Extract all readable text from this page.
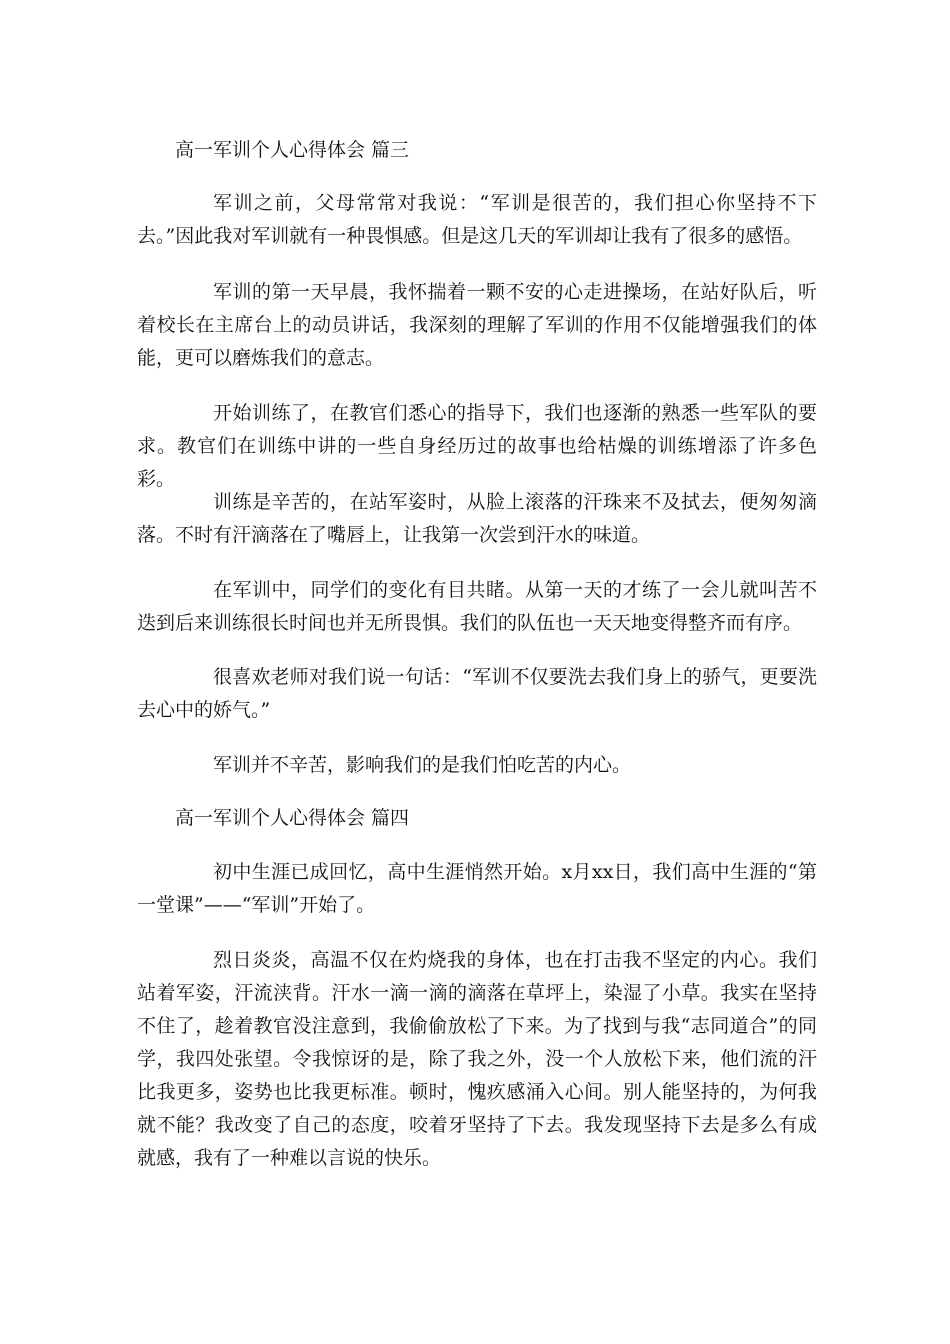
高一军训个人心得体会 篇三

军训之前，父母常常对我说：“军训是很苦的，我们担心你坚持不下去。”因此我对军训就有一种畏惧感。但是这几天的军训却让我有了很多的感悟。

军训的第一天早晨，我怀揣着一颗不安的心走进操场，在站好队后，听着校长在主席台上的动员讲话，我深刻的理解了军训的作用不仅能增强我们的体能，更可以磨炼我们的意志。

开始训练了，在教官们悉心的指导下，我们也逐渐的熟悉一些军队的要求。教官们在训练中讲的一些自身经历过的故事也给枯燥的训练增添了许多色彩。

训练是辛苦的，在站军姿时，从脸上滚落的汗珠来不及拭去，便匆匆滴落。不时有汗滴落在了嘴唇上，让我第一次尝到汗水的味道。

在军训中，同学们的变化有目共睹。从第一天的才练了一会儿就叫苦不迭到后来训练很长时间也并无所畏惧。我们的队伍也一天天地变得整齐而有序。

很喜欢老师对我们说一句话：“军训不仅要洗去我们身上的骄气，更要洗去心中的娇气。”

军训并不辛苦，影响我们的是我们怕吃苦的内心。

高一军训个人心得体会 篇四

初中生涯已成回忆，高中生涯悄然开始。x月xx日，我们高中生涯的“第一堂课”——“军训”开始了。

烈日炎炎，高温不仅在灼烧我的身体，也在打击我不坚定的内心。我们站着军姿，汗流浃背。汗水一滴一滴的滴落在草坪上，染湿了小草。我实在坚持不住了，趁着教官没注意到，我偷偷放松了下来。为了找到与我“志同道合”的同学，我四处张望。令我惊讶的是，除了我之外，没一个人放松下来，他们流的汗比我更多，姿势也比我更标准。顿时，愧疚感涌入心间。别人能坚持的，为何我就不能？我改变了自己的态度，咬着牙坚持了下去。我发现坚持下去是多么有成就感，我有了一种难以言说的快乐。
